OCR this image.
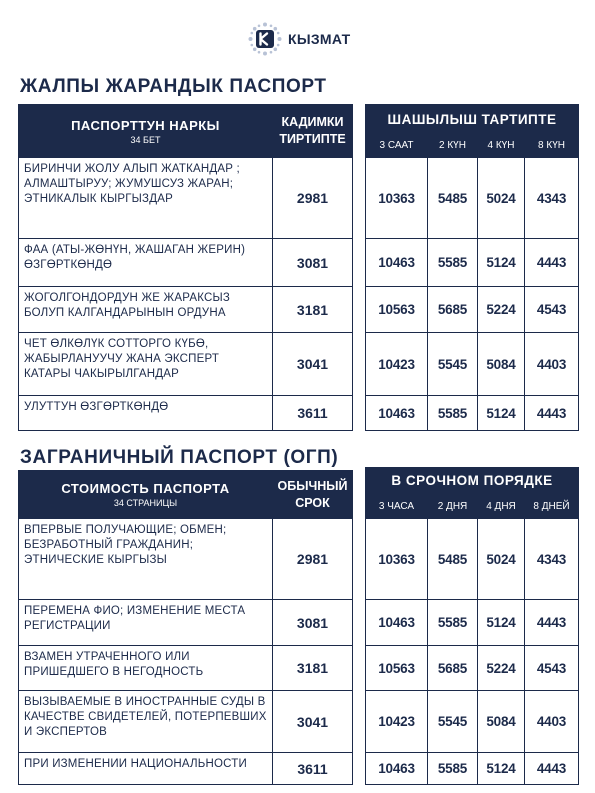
КЫЗМАТ
ЖАЛПЫ ЖАРАНДЫК ПАСПОРТ
ПАСПОРТТУН НАРКЫ
34 БЕТ	КАДИМКИ ТИРТИПТЕ
БИРИНЧИ ЖОЛУ АЛЫП ЖАТКАНДАР ; АЛМАШТЫРУУ; ЖУМУШСУЗ ЖАРАН; ЭТНИКАЛЫК КЫРГЫЗДАР	2981
ФАА (АТЫ-ЖӨНҮН, ЖАШАГАН ЖЕРИН) ӨЗГӨРТКӨНДӨ	3081
ЖОГОЛГОНДОРДУН ЖЕ ЖАРАКСЫЗ БОЛУП КАЛГАНДАРЫНЫН ОРДУНА	3181
ЧЕТ ӨЛКӨЛҮК СОТТОРГО КҮБӨ, ЖАБЫРЛАНУУЧУ ЖАНА ЭКСПЕРТ КАТАРЫ ЧАКЫРЫЛГАНДАР	3041
УЛУТТУН ӨЗГӨРТКӨНДӨ	3611
ШАШЫЛЫШ ТАРТИПТЕ			
3 СААТ	2 КҮН	4 КҮН	8 КҮН
10363	5485	5024	4343
10463	5585	5124	4443
10563	5685	5224	4543
10423	5545	5084	4403
10463	5585	5124	4443
ЗАГРАНИЧНЫЙ ПАСПОРТ (ОГП)
СТОИМОСТЬ ПАСПОРТА
34 СТРАНИЦЫ	ОБЫЧНЫЙ СРОК
ВПЕРВЫЕ ПОЛУЧАЮЩИЕ; ОБМЕН; БЕЗРАБОТНЫЙ ГРАЖДАНИН; ЭТНИЧЕСКИЕ КЫРГЫЗЫ	2981
ПЕРЕМЕНА ФИО; ИЗМЕНЕНИЕ МЕСТА РЕГИСТРАЦИИ	3081
ВЗАМЕН УТРАЧЕННОГО ИЛИ ПРИШЕДШЕГО В НЕГОДНОСТЬ	3181
ВЫЗЫВАЕМЫЕ В ИНОСТРАННЫЕ СУДЫ В КАЧЕСТВЕ СВИДЕТЕЛЕЙ, ПОТЕРПЕВШИХ И ЭКСПЕРТОВ	3041
ПРИ ИЗМЕНЕНИИ НАЦИОНАЛЬНОСТИ	3611
В СРОЧНОМ ПОРЯДКЕ			
3 ЧАСА	2 ДНЯ	4 ДНЯ	8 ДНЕЙ
10363	5485	5024	4343
10463	5585	5124	4443
10563	5685	5224	4543
10423	5545	5084	4403
10463	5585	5124	4443
